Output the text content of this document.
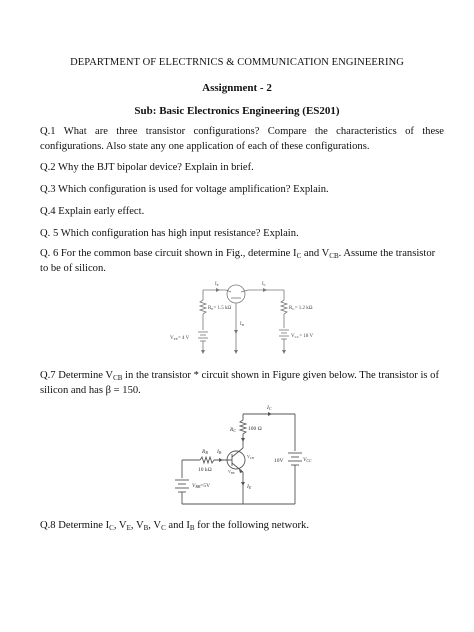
DEPARTMENT OF ELECTRNICS & COMMUNICATION ENGINEERING
Assignment - 2
Sub: Basic Electronics Engineering (ES201)
Q.1 What are three transistor configurations? Compare the characteristics of these configurations. Also state any one application of each of these configurations.
Q.2 Why the BJT bipolar device? Explain in brief.
Q.3 Which configuration is used for voltage amplification? Explain.
Q.4 Explain early effect.
Q. 5 Which configuration has high input resistance? Explain.
Q. 6 For the common base circuit shown in Fig., determine $I_C$ and $V_{CB}$. Assume the transistor to be of silicon.
$I_E$	$I_C$
$I_B$
$R_E= 1.5$ kΩ	$R_C= 1.2$ kΩ
$V_{EE}= 4$ V	$V_{CC}= 18$ V
Q.7 Determine $V_{CB}$ in the transistor * circuit shown in Figure given below. The transistor is of silicon and has β = 150.
IC
RC 100 Ω
RB
10 kΩ
IB
$V_{CB}$
$V_{BE}$
IE
10V	VCC
VBB=5V
Q.8 Determine $I_C$, $V_E$, $V_B$, $V_C$ and $I_B$ for the following network.
